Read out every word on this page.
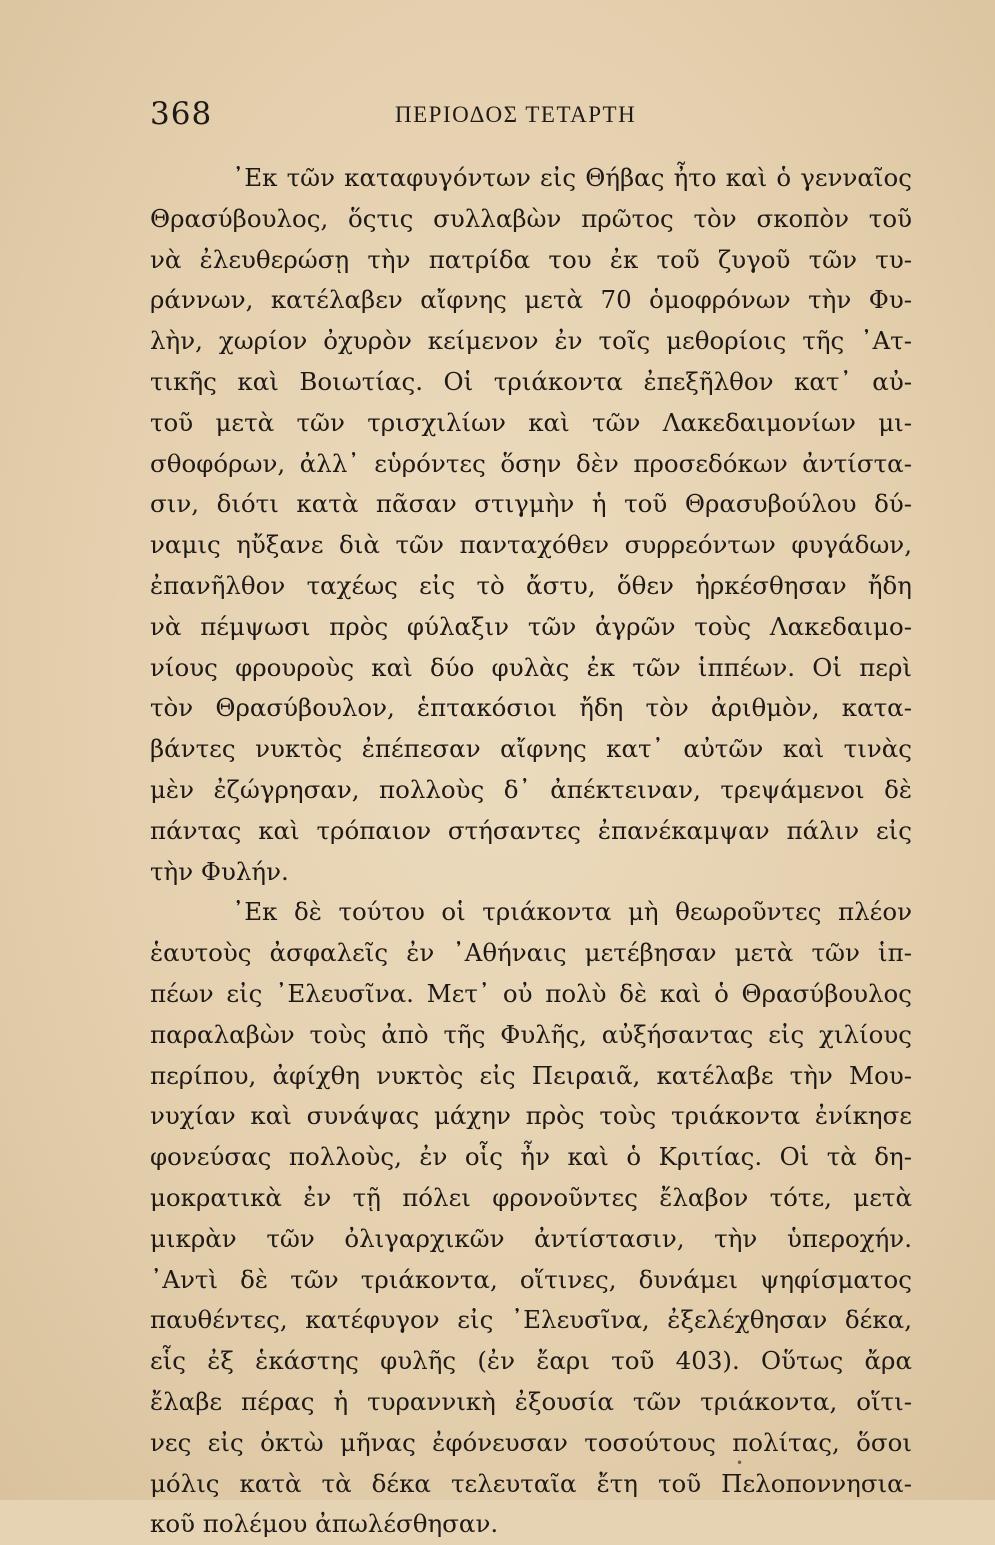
368	ΠΕΡΙΟΔΟΣ ΤΕΤΑΡΤΗ
᾿Εκ τῶν καταφυγόντων εἰς Θήβας ἦτο καὶ ὁ γενναῖος
Θρασύβουλος, ὅςτις συλλαβὼν πρῶτος τὸν σκοπὸν τοῦ
νὰ ἐλευθερώσῃ τὴν πατρίδα του ἐκ τοῦ ζυγοῦ τῶν τυ-
ράννων, κατέλαβεν αἴφνης μετὰ 70 ὁμοφρόνων τὴν Φυ-
λὴν, χωρίον ὀχυρὸν κείμενον ἐν τοῖς μεθορίοις τῆς ᾿Ατ-
τικῆς καὶ Βοιωτίας. Οἱ τριάκοντα ἐπεξῆλθον κατ᾿ αὐ-
τοῦ μετὰ τῶν τρισχιλίων καὶ τῶν Λακεδαιμονίων μι-
σθοφόρων, ἀλλ᾿ εὑρόντες ὅσην δὲν προσεδόκων ἀντίστα-
σιν, διότι κατὰ πᾶσαν στιγμὴν ἡ τοῦ Θρασυβούλου δύ-
ναμις ηὔξανε διὰ τῶν πανταχόθεν συρρεόντων φυγάδων,
ἐπανῆλθον ταχέως εἰς τὸ ἄστυ, ὅθεν ἠρκέσθησαν ἤδη
νὰ πέμψωσι πρὸς φύλαξιν τῶν ἀγρῶν τοὺς Λακεδαιμο-
νίους φρουροὺς καὶ δύο φυλὰς ἐκ τῶν ἱππέων. Οἱ περὶ
τὸν Θρασύβουλον, ἑπτακόσιοι ἤδη τὸν ἀριθμὸν, κατα-
βάντες νυκτὸς ἐπέπεσαν αἴφνης κατ᾿ αὐτῶν καὶ τινὰς
μὲν ἐζώγρησαν, πολλοὺς δ᾿ ἀπέκτειναν, τρεψάμενοι δὲ
πάντας καὶ τρόπαιον στήσαντες ἐπανέκαμψαν πάλιν εἰς
τὴν Φυλήν.
᾿Εκ δὲ τούτου οἱ τριάκοντα μὴ θεωροῦντες πλέον
ἑαυτοὺς ἀσφαλεῖς ἐν ᾿Αθήναις μετέβησαν μετὰ τῶν ἱπ-
πέων εἰς ᾿Ελευσῖνα. Μετ᾿ οὐ πολὺ δὲ καὶ ὁ Θρασύβουλος
παραλαβὼν τοὺς ἀπὸ τῆς Φυλῆς, αὐξήσαντας εἰς χιλίους
περίπου, ἀφίχθη νυκτὸς εἰς Πειραιᾶ, κατέλαβε τὴν Μου-
νυχίαν καὶ συνάψας μάχην πρὸς τοὺς τριάκοντα ἐνίκησε
φονεύσας πολλοὺς, ἐν οἷς ἦν καὶ ὁ Κριτίας. Οἱ τὰ δη-
μοκρατικὰ ἐν τῇ πόλει φρονοῦντες ἔλαβον τότε, μετὰ
μικρὰν τῶν ὀλιγαρχικῶν ἀντίστασιν, τὴν ὑπεροχήν.
᾿Αντὶ δὲ τῶν τριάκοντα, οἵτινες, δυνάμει ψηφίσματος
παυθέντες, κατέφυγον εἰς ᾿Ελευσῖνα, ἐξελέχθησαν δέκα,
εἷς ἐξ ἑκάστης φυλῆς (ἐν ἔαρι τοῦ 403). Οὕτως ἄρα
ἔλαβε πέρας ἡ τυραννικὴ ἐξουσία τῶν τριάκοντα, οἵτι-
νες εἰς ὀκτὼ μῆνας ἐφόνευσαν τοσούτους πολίτας, ὅσοι
μόλις κατὰ τὰ δέκα τελευταῖα ἔτη τοῦ Πελοποννησια-
κοῦ πολέμου ἀπωλέσθησαν.
•
